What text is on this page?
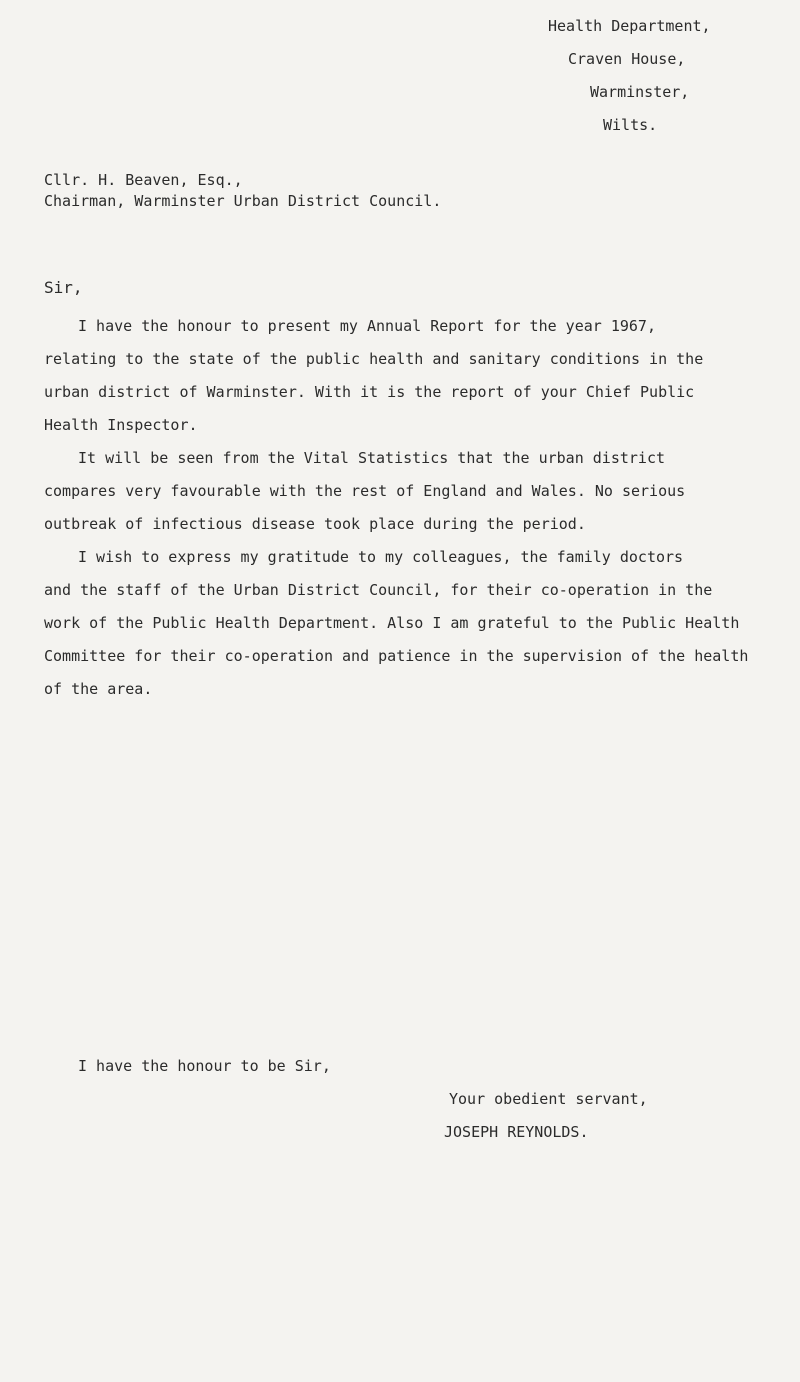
Health Department,
Craven House,
Warminster,
Wilts.
Cllr. H. Beaven, Esq.,
Chairman, Warminster Urban District Council.
Sir,
I have the honour to present my Annual Report for the year 1967,
relating to the state of the public health and sanitary conditions in the
urban district of Warminster. With it is the report of your Chief Public
Health Inspector.
It will be seen from the Vital Statistics that the urban district
compares very favourable with the rest of England and Wales. No serious
outbreak of infectious disease took place during the period.
I wish to express my gratitude to my colleagues, the family doctors
and the staff of the Urban District Council, for their co-operation in the
work of the Public Health Department. Also I am grateful to the Public Health
Committee for their co-operation and patience in the supervision of the health
of the area.
I have the honour to be Sir,
Your obedient servant,
JOSEPH REYNOLDS.
